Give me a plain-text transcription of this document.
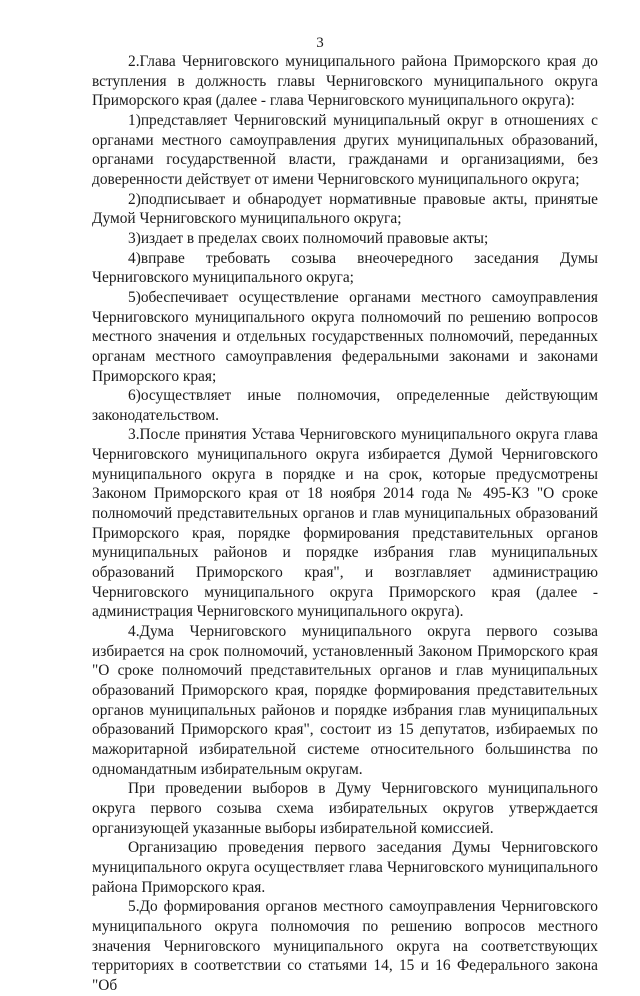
3

2.Глава Черниговского муниципального района Приморского края до вступления в должность главы Черниговского муниципального округа Приморского края (далее - глава Черниговского муниципального округа):

1)представляет Черниговский муниципальный округ в отношениях с органами местного самоуправления других муниципальных образований, органами государственной власти, гражданами и организациями, без доверенности действует от имени Черниговского муниципального округа;

2)подписывает и обнародует нормативные правовые акты, принятые Думой Черниговского муниципального округа;

3)издает в пределах своих полномочий правовые акты;

4)вправе требовать созыва внеочередного заседания Думы Черниговского муниципального округа;

5)обеспечивает осуществление органами местного самоуправления Черниговского муниципального округа полномочий по решению вопросов местного значения и отдельных государственных полномочий, переданных органам местного самоуправления федеральными законами и законами Приморского края;

6)осуществляет иные полномочия, определенные действующим законодательством.

3.После принятия Устава Черниговского муниципального округа глава Черниговского муниципального округа избирается Думой Черниговского муниципального округа в порядке и на срок, которые предусмотрены Законом Приморского края от 18 ноября 2014 года № 495-КЗ "О сроке полномочий представительных органов и глав муниципальных образований Приморского края, порядке формирования представительных органов муниципальных районов и порядке избрания глав муниципальных образований Приморского края", и возглавляет администрацию Черниговского муниципального округа Приморского края (далее - администрация Черниговского муниципального округа).

4.Дума Черниговского муниципального округа первого созыва избирается на срок полномочий, установленный Законом Приморского края "О сроке полномочий представительных органов и глав муниципальных образований Приморского края, порядке формирования представительных органов муниципальных районов и порядке избрания глав муниципальных образований Приморского края", состоит из 15 депутатов, избираемых по мажоритарной избирательной системе относительного большинства по одномандатным избирательным округам.

При проведении выборов в Думу Черниговского муниципального округа первого созыва схема избирательных округов утверждается организующей указанные выборы избирательной комиссией.

Организацию проведения первого заседания Думы Черниговского муниципального округа осуществляет глава Черниговского муниципального района Приморского края.

5.До формирования органов местного самоуправления Черниговского муниципального округа полномочия по решению вопросов местного значения Черниговского муниципального округа на соответствующих территориях в соответствии со статьями 14, 15 и 16 Федерального закона "Об
